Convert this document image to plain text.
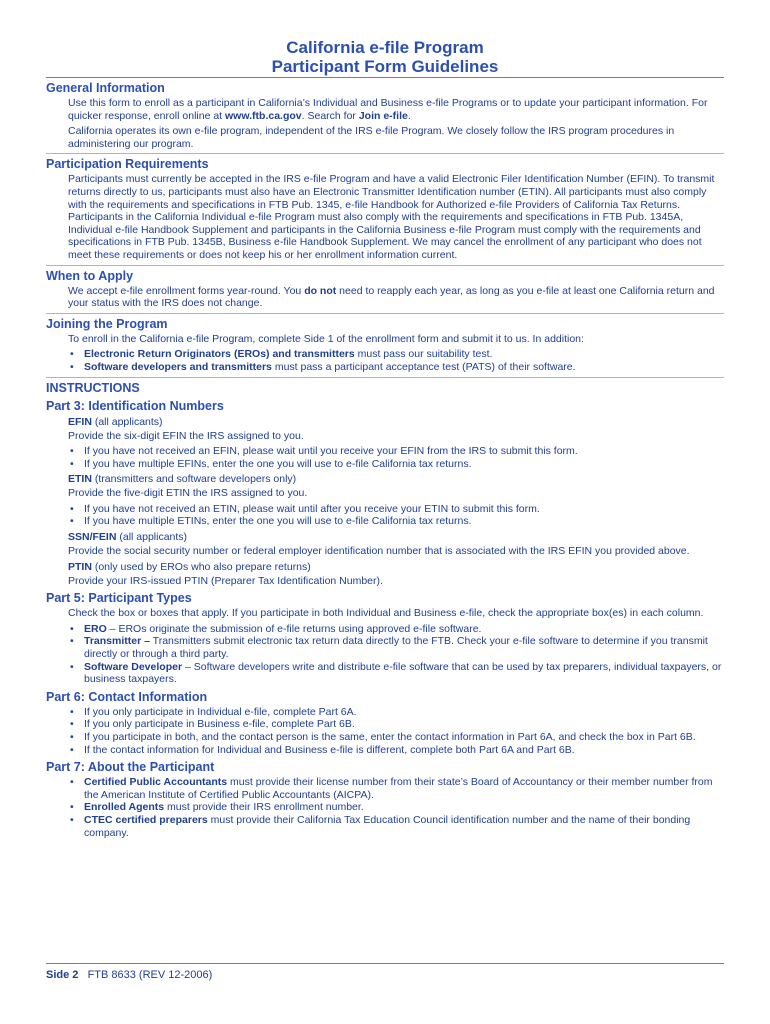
California e-file Program
Participant Form Guidelines
General Information

Use this form to enroll as a participant in California’s Individual and Business e-file Programs or to update your participant information. For quicker response, enroll online at www.ftb.ca.gov. Search for Join e-file.

California operates its own e-file program, independent of the IRS e-file Program. We closely follow the IRS program procedures in administering our program.

Participation Requirements

Participants must currently be accepted in the IRS e-file Program and have a valid Electronic Filer Identification Number (EFIN). To transmit returns directly to us, participants must also have an Electronic Transmitter Identification number (ETIN). All participants must also comply with the requirements and specifications in FTB Pub. 1345, e-file Handbook for Authorized e-file Providers of California Tax Returns. Participants in the California Individual e-file Program must also comply with the requirements and specifications in FTB Pub. 1345A, Individual e-file Handbook Supplement and participants in the California Business e-file Program must comply with the requirements and specifications in FTB Pub. 1345B, Business e-file Handbook Supplement. We may cancel the enrollment of any participant who does not meet these requirements or does not keep his or her enrollment information current.

When to Apply

We accept e-file enrollment forms year-round. You do not need to reapply each year, as long as you e-file at least one California return and your status with the IRS does not change.

Joining the Program

To enroll in the California e-file Program, complete Side 1 of the enrollment form and submit it to us. In addition:

• Electronic Return Originators (EROs) and transmitters must pass our suitability test.
• Software developers and transmitters must pass a participant acceptance test (PATS) of their software.
INSTRUCTIONS
Part 3: Identification Numbers
EFIN (all applicants)

Provide the six-digit EFIN the IRS assigned to you.

• If you have not received an EFIN, please wait until you receive your EFIN from the IRS to submit this form.
• If you have multiple EFINs, enter the one you will use to e-file California tax returns.
ETIN (transmitters and software developers only)

Provide the five-digit ETIN the IRS assigned to you.

• If you have not received an ETIN, please wait until after you receive your ETIN to submit this form.
• If you have multiple ETINs, enter the one you will use to e-file California tax returns.
SSN/FEIN (all applicants)

Provide the social security number or federal employer identification number that is associated with the IRS EFIN you provided above.

PTIN (only used by EROs who also prepare returns)

Provide your IRS-issued PTIN (Preparer Tax Identification Number).

Part 5: Participant Types

Check the box or boxes that apply. If you participate in both Individual and Business e-file, check the appropriate box(es) in each column.

• ERO – EROs originate the submission of e-file returns using approved e-file software.
• Transmitter – Transmitters submit electronic tax return data directly to the FTB. Check your e-file software to determine if you transmit directly or through a third party.
• Software Developer – Software developers write and distribute e-file software that can be used by tax preparers, individual taxpayers, or business taxpayers.
Part 6: Contact Information
• If you only participate in Individual e-file, complete Part 6A.
• If you only participate in Business e-file, complete Part 6B.
• If you participate in both, and the contact person is the same, enter the contact information in Part 6A, and check the box in Part 6B.
• If the contact information for Individual and Business e-file is different, complete both Part 6A and Part 6B.
Part 7: About the Participant
• Certified Public Accountants must provide their license number from their state’s Board of Accountancy or their member number from the American Institute of Certified Public Accountants (AICPA).
• Enrolled Agents must provide their IRS enrollment number.
• CTEC certified preparers must provide their California Tax Education Council identification number and the name of their bonding company.
Side 2 FTB 8633 (REV 12-2006)
